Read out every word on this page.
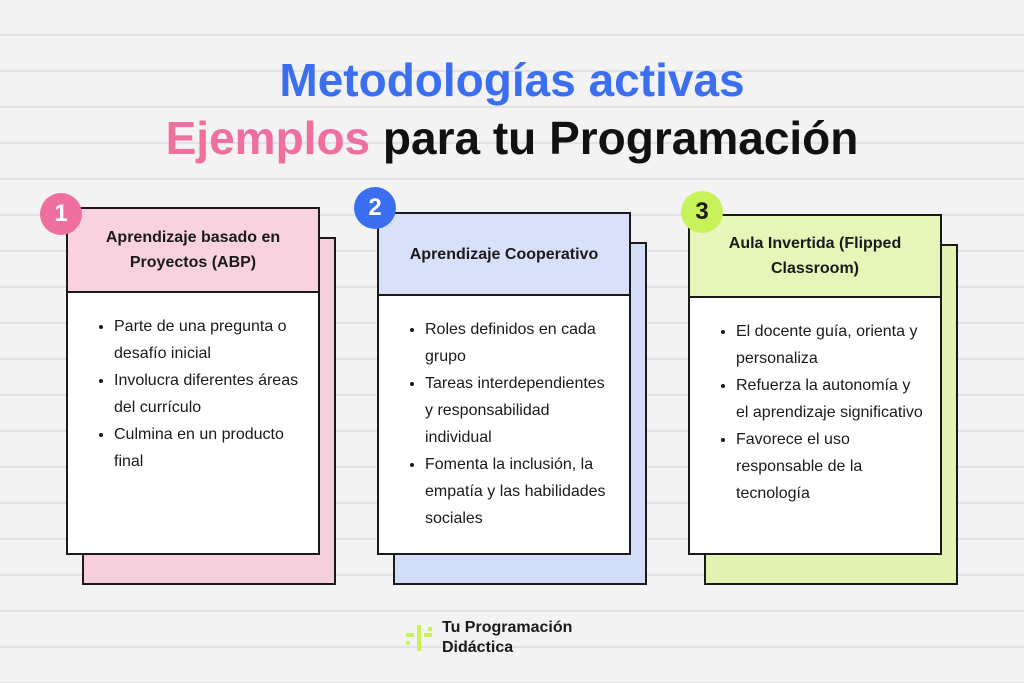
Metodologías activas
Ejemplos para tu Programación
Aprendizaje basado en Proyectos (ABP)
• Parte de una pregunta o desafío inicial
• Involucra diferentes áreas del currículo
• Culmina en un producto final
1
Aprendizaje Cooperativo
• Roles definidos en cada grupo
• Tareas interdependientes y responsabilidad individual
• Fomenta la inclusión, la empatía y las habilidades sociales
2
Aula Invertida (Flipped Classroom)
• El docente guía, orienta y personaliza
• Refuerza la autonomía y el aprendizaje significativo
• Favorece el uso responsable de la tecnología
3
Tu Programación
Didáctica
